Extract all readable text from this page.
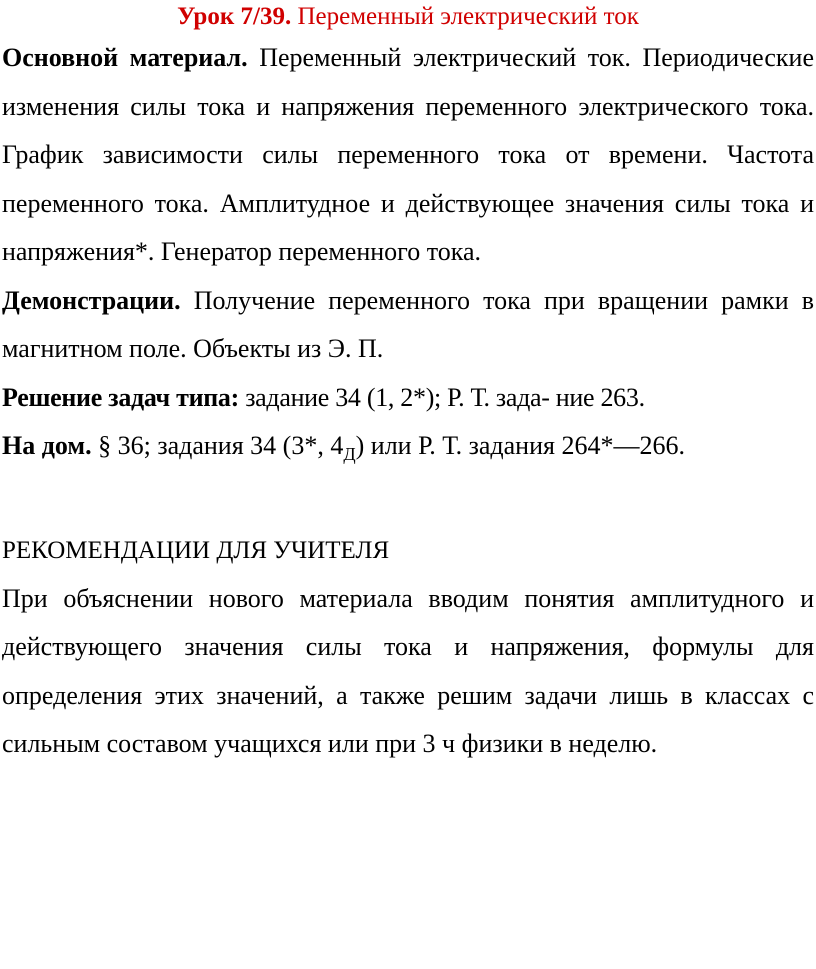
Урок 7/39. Переменный электрический ток

Основной материал. Переменный электрический ток. Периодические изменения силы тока и напряжения переменного электрического тока. График зависимости силы переменного тока от времени. Частота переменного тока. Амплитудное и действующее значения силы тока и напряжения*. Генератор переменного тока.

Демонстрации. Получение переменного тока при вращении рамки в магнитном поле. Объекты из Э. П.

Решение задач типа: задание 34 (1, 2*); Р. Т. зада- ние 263.

На дом. § 36; задания 34 (3*, $4_Д$) или Р. Т. задания 264*—266.

РЕКОМЕНДАЦИИ ДЛЯ УЧИТЕЛЯ

При объяснении нового материала вводим понятия амплитудного и действующего значения силы тока и напряжения, формулы для определения этих значений, а также решим задачи лишь в классах с сильным составом учащихся или при 3 ч физики в неделю.
